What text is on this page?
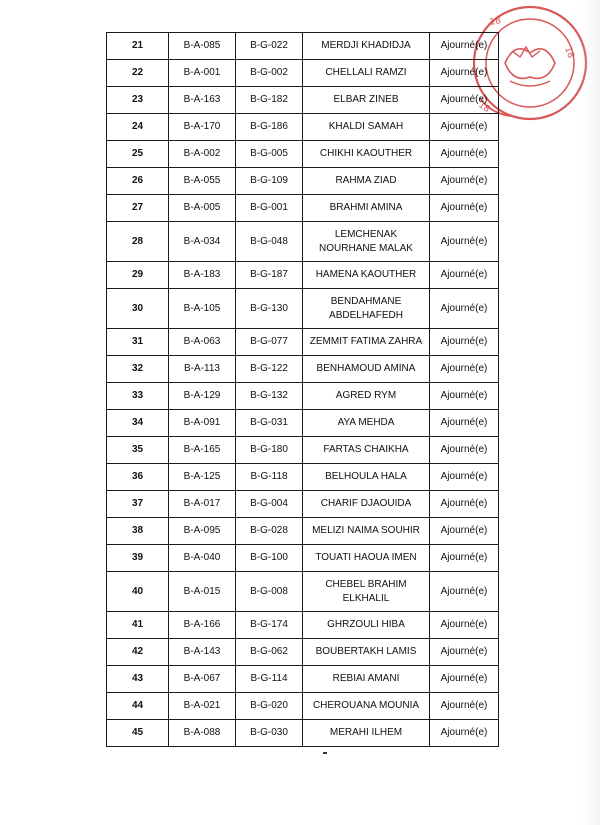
18
18
18
21	B-A-085	B-G-022	MERDJI KHADIDJA	Ajourné(e)
22	B-A-001	B-G-002	CHELLALI RAMZI	Ajourné(e)
23	B-A-163	B-G-182	ELBAR ZINEB	Ajourné(e)
24	B-A-170	B-G-186	KHALDI SAMAH	Ajourné(e)
25	B-A-002	B-G-005	CHIKHI KAOUTHER	Ajourné(e)
26	B-A-055	B-G-109	RAHMA ZIAD	Ajourné(e)
27	B-A-005	B-G-001	BRAHMI AMINA	Ajourné(e)
28	B-A-034	B-G-048	LEMCHENAK NOURHANE MALAK	Ajourné(e)
29	B-A-183	B-G-187	HAMENA KAOUTHER	Ajourné(e)
30	B-A-105	B-G-130	BENDAHMANE ABDELHAFEDH	Ajourné(e)
31	B-A-063	B-G-077	ZEMMIT FATIMA ZAHRA	Ajourné(e)
32	B-A-113	B-G-122	BENHAMOUD AMINA	Ajourné(e)
33	B-A-129	B-G-132	AGRED RYM	Ajourné(e)
34	B-A-091	B-G-031	AYA MEHDA	Ajourné(e)
35	B-A-165	B-G-180	FARTAS CHAIKHA	Ajourné(e)
36	B-A-125	B-G-118	BELHOULA HALA	Ajourné(e)
37	B-A-017	B-G-004	CHARIF DJAOUIDA	Ajourné(e)
38	B-A-095	B-G-028	MELIZI NAIMA SOUHIR	Ajourné(e)
39	B-A-040	B-G-100	TOUATI HAOUA IMEN	Ajourné(e)
40	B-A-015	B-G-008	CHEBEL BRAHIM ELKHALIL	Ajourné(e)
41	B-A-166	B-G-174	GHRZOULI HIBA	Ajourné(e)
42	B-A-143	B-G-062	BOUBERTAKH LAMIS	Ajourné(e)
43	B-A-067	B-G-114	REBIAI AMANI	Ajourné(e)
44	B-A-021	B-G-020	CHEROUANA MOUNIA	Ajourné(e)
45	B-A-088	B-G-030	MERAHI ILHEM	Ajourné(e)
